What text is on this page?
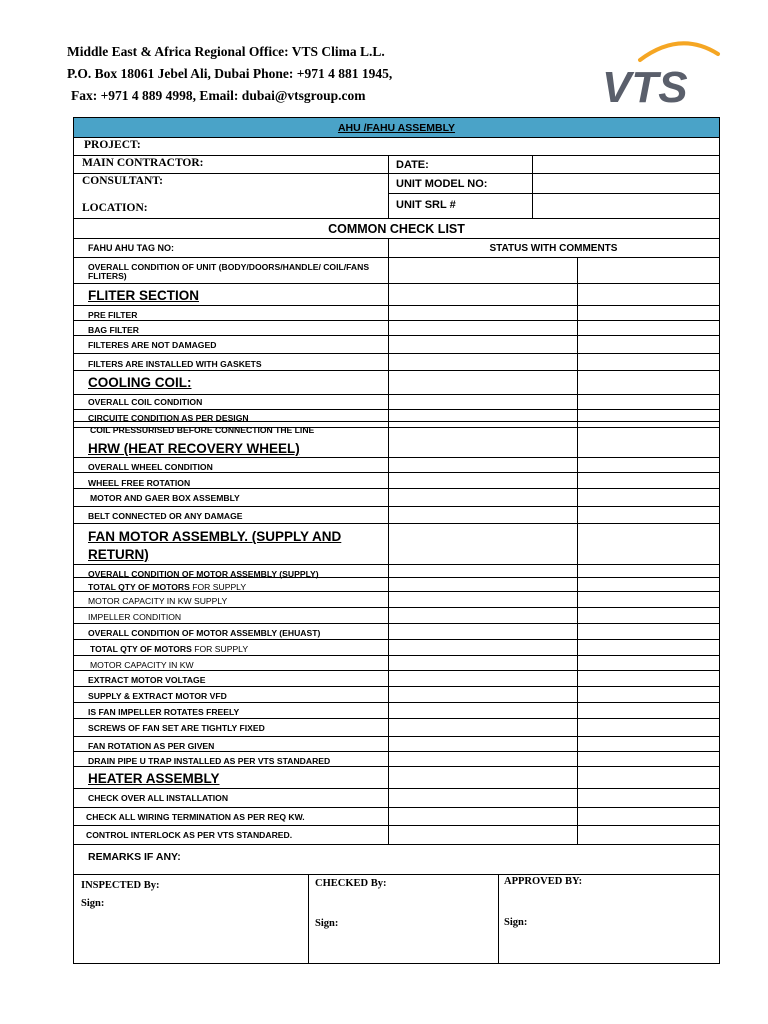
Middle East & Africa Regional Office: VTS Clima L.L.
P.O. Box 18061 Jebel Ali, Dubai Phone: +971 4 881 1945,
Fax: +971 4 889 4998, Email: dubai@vtsgroup.com	VTS
AHU /FAHU ASSEMBLY
PROJECT:
MAIN CONTRACTOR:	DATE:
CONSULTANT:	UNIT MODEL NO:
LOCATION:	UNIT SRL #
COMMON CHECK LIST
FAHU AHU TAG NO:	STATUS WITH COMMENTS
OVERALL CONDITION OF UNIT (BODY/DOORS/HANDLE/ COIL/FANS
FLITERS)
FLITER SECTION
PRE FILTER
BAG FILTER
FILTERES ARE NOT DAMAGED
FILTERS ARE INSTALLED WITH GASKETS
COOLING COIL:
OVERALL COIL CONDITION
CIRCUITE CONDITION AS PER DESIGN
COIL PRESSURISED BEFORE CONNECTION THE LINE
HRW (HEAT RECOVERY WHEEL)
OVERALL WHEEL CONDITION
WHEEL FREE ROTATION
MOTOR AND GAER BOX ASSEMBLY
BELT CONNECTED OR ANY DAMAGE
FAN MOTOR ASSEMBLY. (SUPPLY AND
RETURN)
OVERALL CONDITION OF MOTOR ASSEMBLY (SUPPLY)
TOTAL QTY OF MOTORS FOR SUPPLY
MOTOR CAPACITY IN KW SUPPLY
IMPELLER CONDITION
OVERALL CONDITION OF MOTOR ASSEMBLY (EHUAST)
TOTAL QTY OF MOTORS FOR SUPPLY
MOTOR CAPACITY IN KW
EXTRACT MOTOR VOLTAGE
SUPPLY & EXTRACT MOTOR VFD
IS FAN IMPELLER ROTATES FREELY
SCREWS OF FAN SET ARE TIGHTLY FIXED
FAN ROTATION AS PER GIVEN
DRAIN PIPE U TRAP INSTALLED AS PER VTS STANDARED
HEATER ASSEMBLY
CHECK OVER ALL INSTALLATION
CHECK ALL WIRING TERMINATION AS PER REQ KW.
CONTROL INTERLOCK AS PER VTS STANDARED.
REMARKS IF ANY:
INSPECTED By:
Sign:
CHECKED By:
Sign:
APPROVED BY:
Sign:
